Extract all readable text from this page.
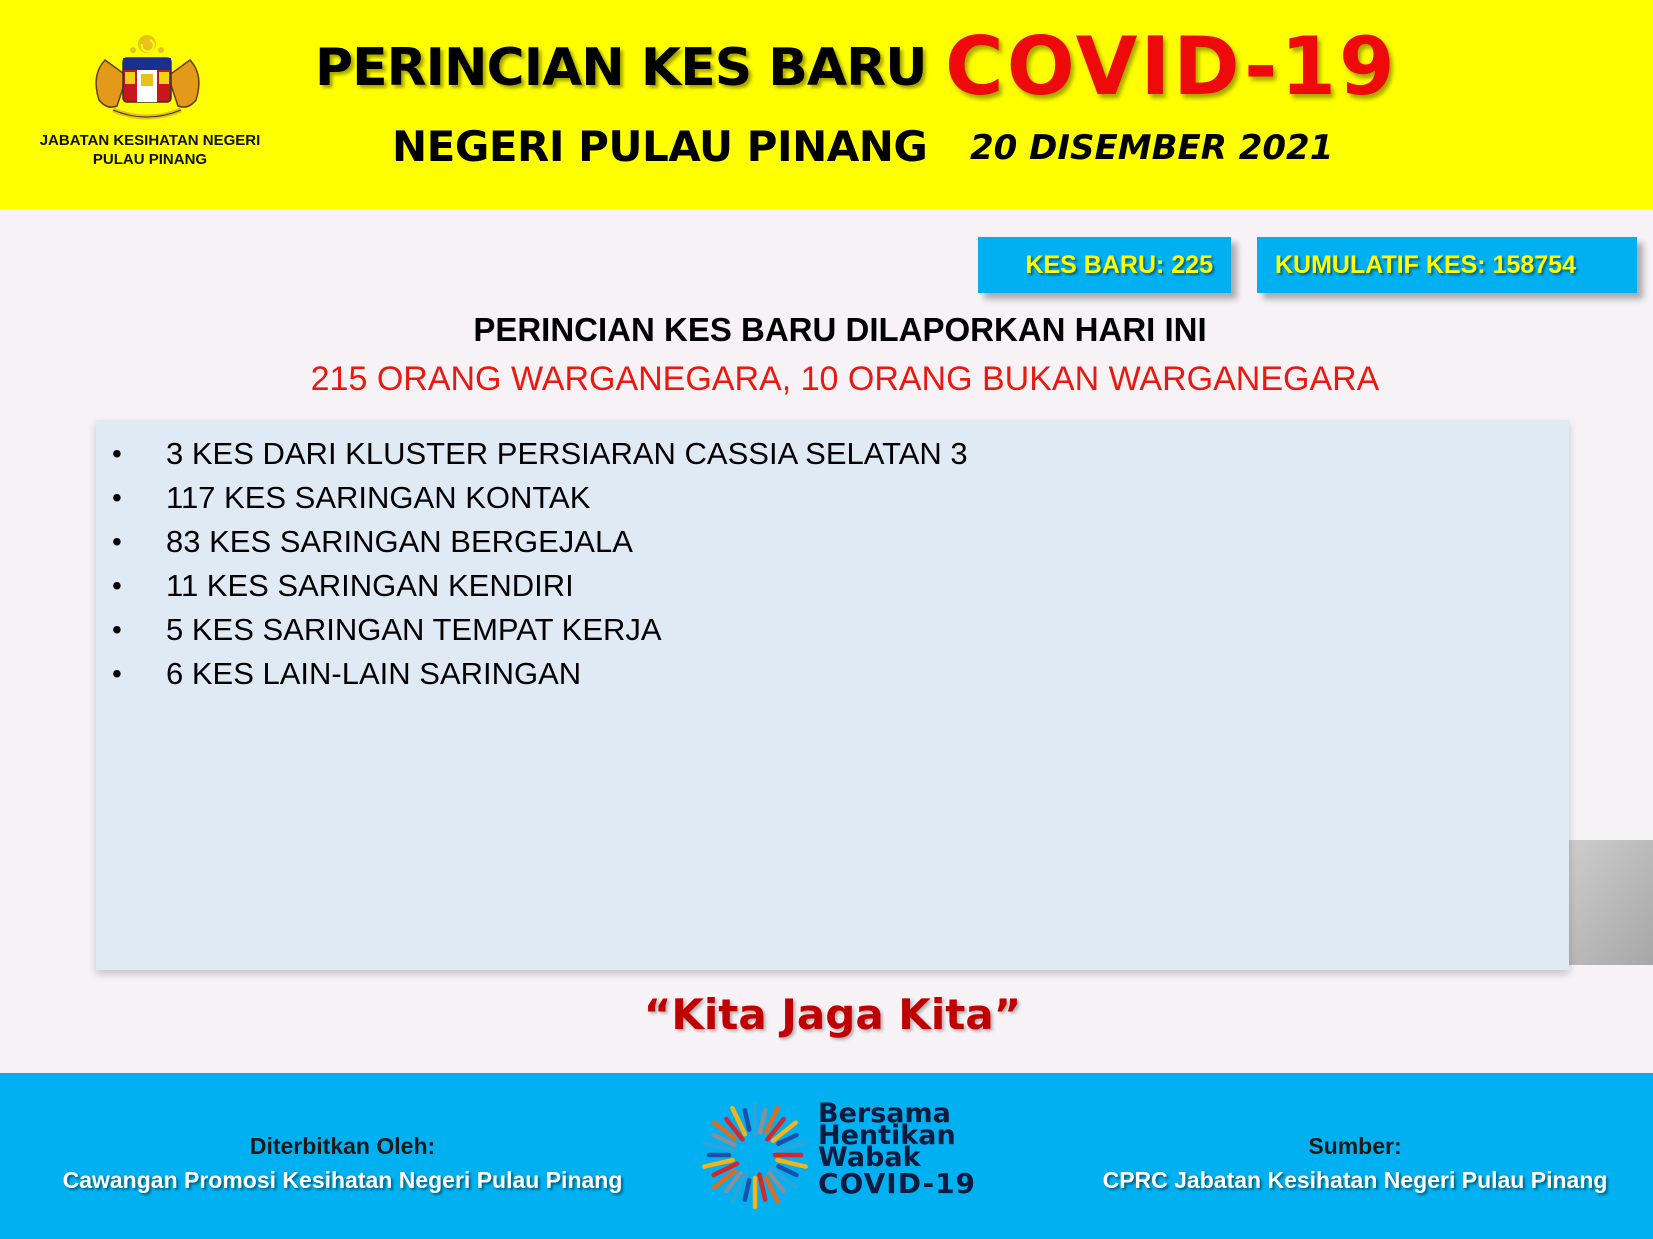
JABATAN KESIHATAN NEGERI PULAU PINANG
PERINCIAN KES BARU COVID-19
NEGERI PULAU PINANG 20 DISEMBER 2021
KES BARU: 225	KUMULATIF KES: 158754
PERINCIAN KES BARU DILAPORKAN HARI INI
215 ORANG WARGANEGARA, 10 ORANG BUKAN WARGANEGARA
• 3 KES DARI KLUSTER PERSIARAN CASSIA SELATAN 3
• 117 KES SARINGAN KONTAK
• 83 KES SARINGAN BERGEJALA
• 11 KES SARINGAN KENDIRI
• 5 KES SARINGAN TEMPAT KERJA
• 6 KES LAIN-LAIN SARINGAN
“Kita Jaga Kita”
Diterbitkan Oleh:
Cawangan Promosi Kesihatan Negeri Pulau Pinang
Sumber:
CPRC Jabatan Kesihatan Negeri Pulau Pinang
Bersama
Hentikan
Wabak
COVID-19
